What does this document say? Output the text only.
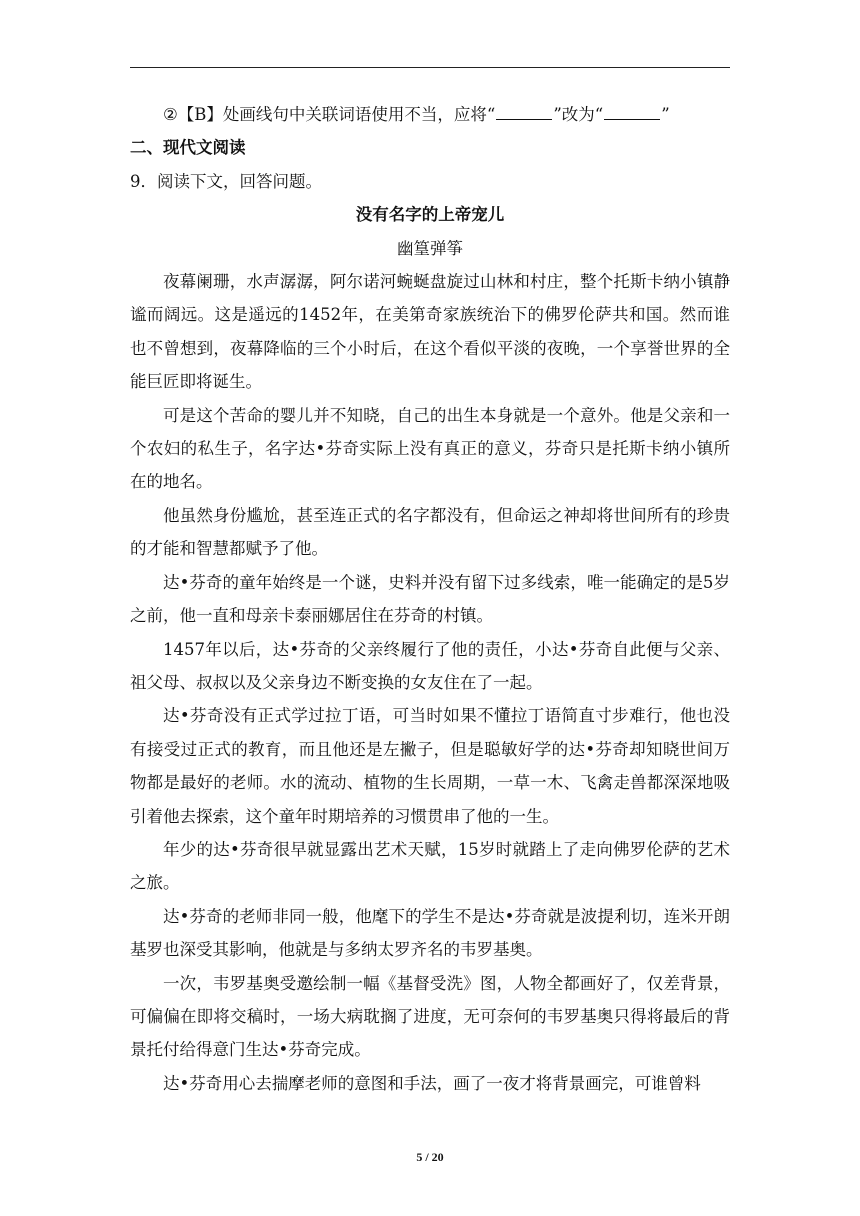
②【B】处画线句中关联词语使用不当，应将“	”改为“	”

二、现代文阅读

9．阅读下文，回答问题。

没有名字的上帝宠儿

幽篁弹筝

夜幕阑珊，水声潺潺，阿尔诺河蜿蜒盘旋过山林和村庄，整个托斯卡纳小镇静谧而阔远。这是遥远的1452年，在美第奇家族统治下的佛罗伦萨共和国。然而谁也不曾想到，夜幕降临的三个小时后，在这个看似平淡的夜晚，一个享誉世界的全能巨匠即将诞生。

可是这个苦命的婴儿并不知晓，自己的出生本身就是一个意外。他是父亲和一个农妇的私生子，名字达•芬奇实际上没有真正的意义，芬奇只是托斯卡纳小镇所在的地名。

他虽然身份尴尬，甚至连正式的名字都没有，但命运之神却将世间所有的珍贵的才能和智慧都赋予了他。

达•芬奇的童年始终是一个谜，史料并没有留下过多线索，唯一能确定的是5岁之前，他一直和母亲卡泰丽娜居住在芬奇的村镇。

1457年以后，达•芬奇的父亲终履行了他的责任，小达•芬奇自此便与父亲、祖父母、叔叔以及父亲身边不断变换的女友住在了一起。

达•芬奇没有正式学过拉丁语，可当时如果不懂拉丁语简直寸步难行，他也没有接受过正式的教育，而且他还是左撇子，但是聪敏好学的达•芬奇却知晓世间万物都是最好的老师。水的流动、植物的生长周期，一草一木、飞禽走兽都深深地吸引着他去探索，这个童年时期培养的习惯贯串了他的一生。

年少的达•芬奇很早就显露出艺术天赋，15岁时就踏上了走向佛罗伦萨的艺术之旅。

达•芬奇的老师非同一般，他麾下的学生不是达•芬奇就是波提利切，连米开朗基罗也深受其影响，他就是与多纳太罗齐名的韦罗基奥。

一次，韦罗基奥受邀绘制一幅《基督受洗》图，人物全都画好了，仅差背景，可偏偏在即将交稿时，一场大病耽搁了进度，无可奈何的韦罗基奥只得将最后的背景托付给得意门生达•芬奇完成。

达•芬奇用心去揣摩老师的意图和手法，画了一夜才将背景画完，可谁曾料

5 / 20
